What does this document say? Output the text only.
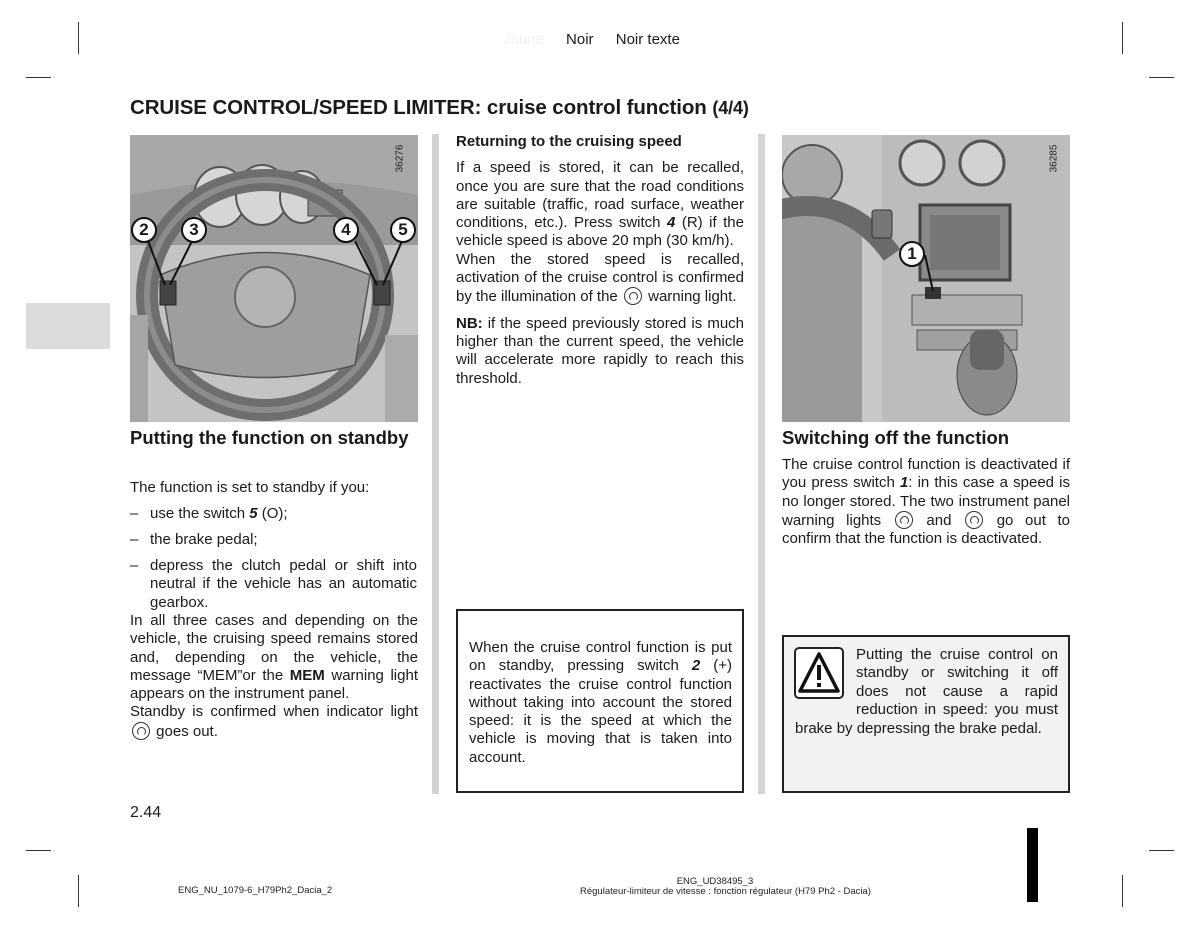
Jaune Noir Noir texte
CRUISE CONTROL/SPEED LIMITER: cruise control function (4/4)
2	3	4	5
36276
1
36285
Putting the function on standby
The function is set to standby if you:
– use the switch 5 (O);
– the brake pedal;
– depress the clutch pedal or shift into neutral if the vehicle has an automatic gearbox.

In all three cases and depending on the vehicle, the cruising speed remains stored and, depending on the vehicle, the message “MEM”or the MEM warning light appears on the instrument panel.

Standby is confirmed when indicator light  goes out.

Returning to the cruising speed

If a speed is stored, it can be recalled, once you are sure that the road conditions are suitable (traffic, road surface, weather conditions, etc.). Press switch 4 (R) if the vehicle speed is above 20 mph (30 km/h).

When the stored speed is recalled, activation of the cruise control is confirmed by the illumination of the  warning light.

NB: if the speed previously stored is much higher than the current speed, the vehicle will accelerate more rapidly to reach this threshold.

When the cruise control function is put on standby, pressing switch 2 (+) reactivates the cruise control function without taking into account the stored speed: it is the speed at which the vehicle is moving that is taken into account.
Switching off the function
The cruise control function is deactivated if you press switch 1: in this case a speed is no longer stored. The two instrument panel warning lights  and  go out to confirm that the function is deactivated.
Putting the cruise control on standby or switching it off does not cause a rapid reduction in speed: you must brake by depressing the brake pedal.
2.44
ENG_NU_1079-6_H79Ph2_Dacia_2
ENG_UD38495_3
Régulateur-limiteur de vitesse : fonction régulateur (H79 Ph2 - Dacia)
